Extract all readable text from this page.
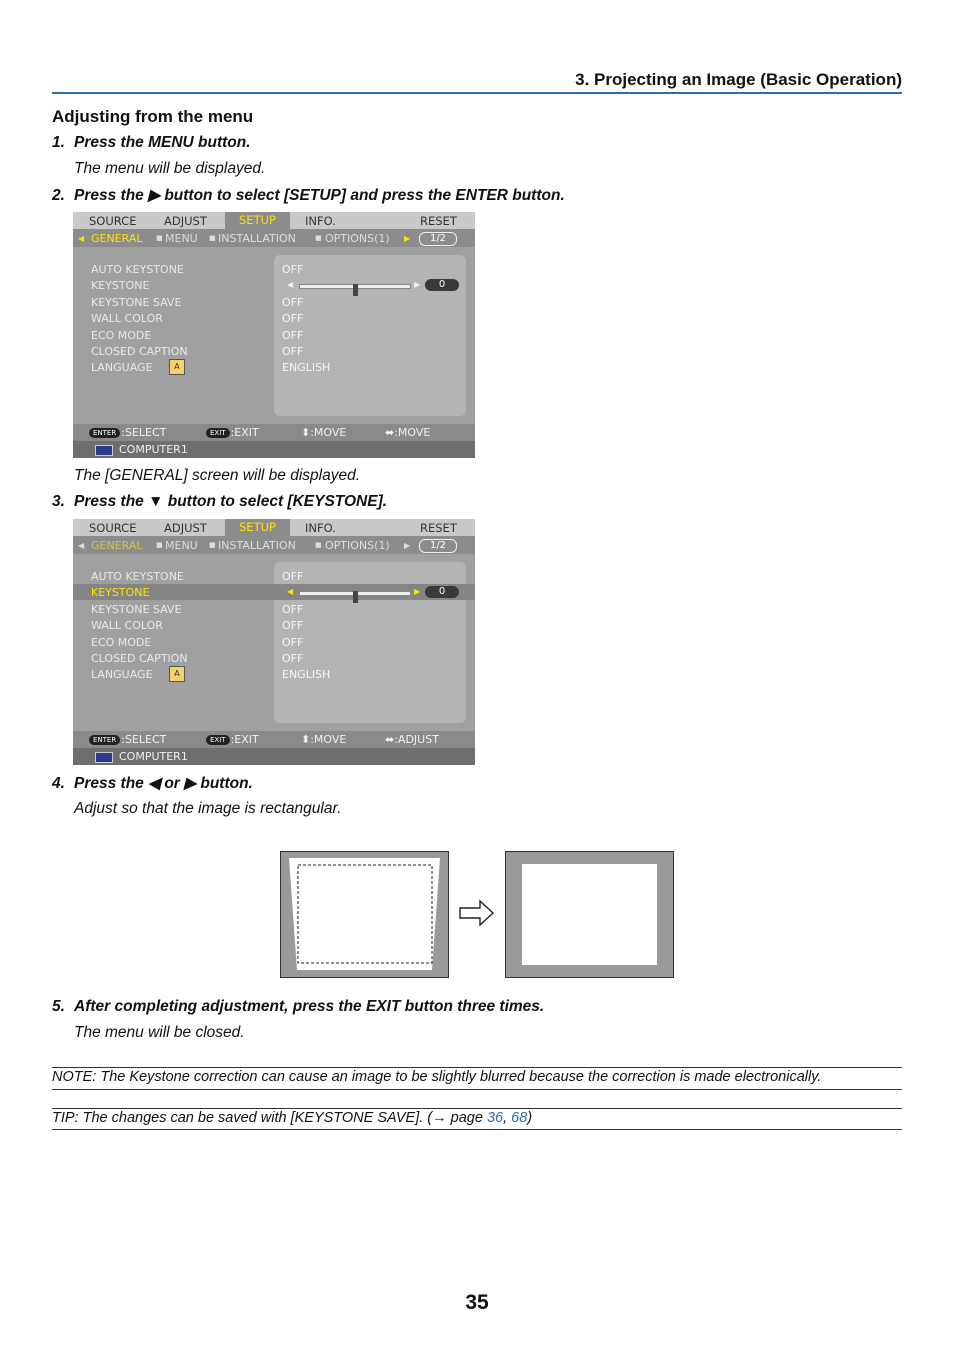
3. Projecting an Image (Basic Operation)
Adjusting from the menu
1. Press the MENU button.
The menu will be displayed.
2. Press the ▶ button to select [SETUP] and press the ENTER button.
SOURCE ADJUST	SETUP	INFO.	RESET
◀ GENERAL ■ MENU ■ INSTALLATION	■ OPTIONS(1) ▶	1/2
AUTO KEYSTONE	OFF
KEYSTONE	◀	▶	0
KEYSTONE SAVE	OFF
WALL COLOR	OFF
ECO MODE	OFF
CLOSED CAPTION	OFF
LANGUAGE	A	ENGLISH
ENTER :SELECT	EXIT :EXIT	⬍:MOVE	⬌:MOVE
COMPUTER1
The [GENERAL] screen will be displayed.
3. Press the ▼ button to select [KEYSTONE].
SOURCE ADJUST	SETUP	INFO.	RESET
◀ GENERAL ■ MENU ■ INSTALLATION	■ OPTIONS(1) ▶	1/2
AUTO KEYSTONE	OFF
KEYSTONE	◀	▶	0
KEYSTONE SAVE	OFF
WALL COLOR	OFF
ECO MODE	OFF
CLOSED CAPTION	OFF
LANGUAGE	A	ENGLISH
ENTER :SELECT	EXIT :EXIT	⬍:MOVE	⬌:ADJUST
COMPUTER1
4. Press the ◀ or ▶ button.
Adjust so that the image is rectangular.
5. After completing adjustment, press the EXIT button three times.
The menu will be closed.
NOTE: The Keystone correction can cause an image to be slightly blurred because the correction is made electronically.
TIP: The changes can be saved with [KEYSTONE SAVE]. (→ page 36, 68)
35
